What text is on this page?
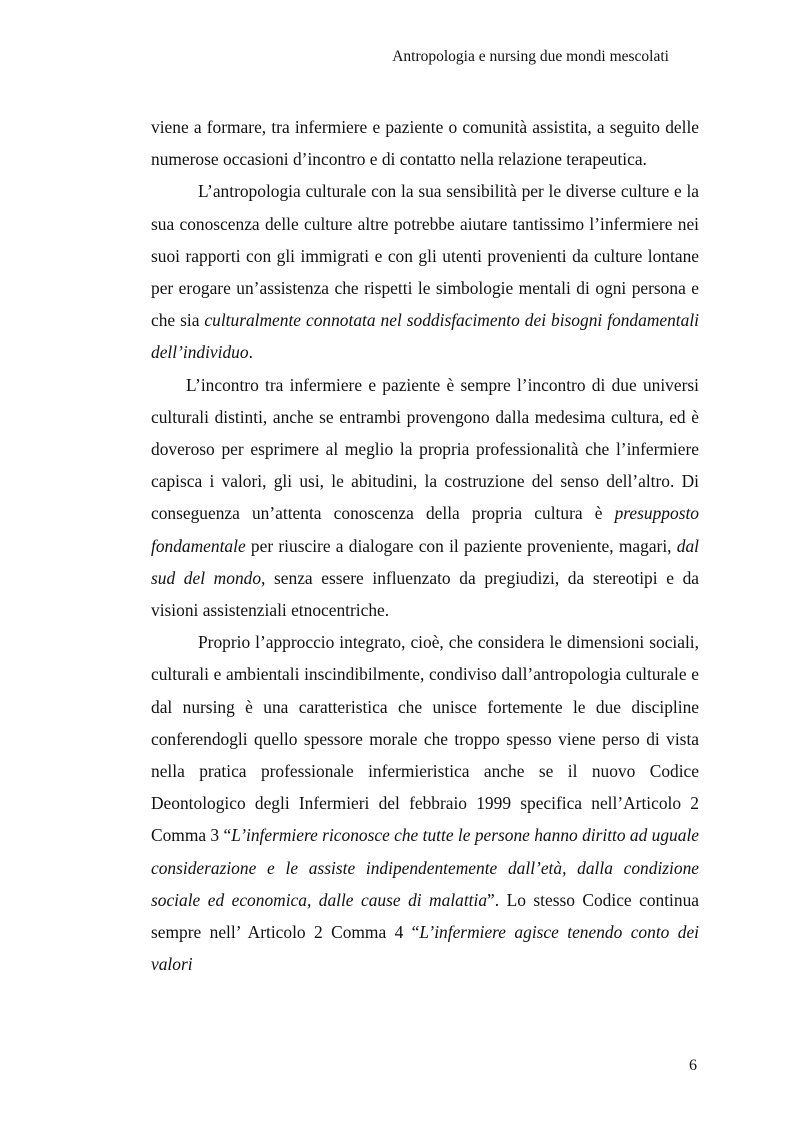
Antropologia e nursing due mondi mescolati

viene a formare, tra infermiere e paziente o comunità assistita, a seguito delle numerose occasioni d’incontro e di contatto nella relazione terapeutica.

L’antropologia culturale con la sua sensibilità per le diverse culture e la sua conoscenza delle culture altre potrebbe aiutare tantissimo l’infermiere nei suoi rapporti con gli immigrati e con gli utenti provenienti da culture lontane per erogare un’assistenza che rispetti le simbologie mentali di ogni persona e che sia culturalmente connotata nel soddisfacimento dei bisogni fondamentali dell’individuo.

L’incontro tra infermiere e paziente è sempre l’incontro di due universi culturali distinti, anche se entrambi provengono dalla medesima cultura, ed è doveroso per esprimere al meglio la propria professionalità che l’infermiere capisca i valori, gli usi, le abitudini, la costruzione del senso dell’altro. Di conseguenza un’attenta conoscenza della propria cultura è presupposto fondamentale per riuscire a dialogare con il paziente proveniente, magari, dal sud del mondo, senza essere influenzato da pregiudizi, da stereotipi e da visioni assistenziali etnocentriche.

Proprio l’approccio integrato, cioè, che considera le dimensioni sociali, culturali e ambientali inscindibilmente, condiviso dall’antropologia culturale e dal nursing è una caratteristica che unisce fortemente le due discipline conferendogli quello spessore morale che troppo spesso viene perso di vista nella pratica professionale infermieristica anche se il nuovo Codice Deontologico degli Infermieri del febbraio 1999 specifica nell’Articolo 2 Comma 3 “L’infermiere riconosce che tutte le persone hanno diritto ad uguale considerazione e le assiste indipendentemente dall’età, dalla condizione sociale ed economica, dalle cause di malattia”. Lo stesso Codice continua sempre nell’ Articolo 2 Comma 4 “L’infermiere agisce tenendo conto dei valori

6
